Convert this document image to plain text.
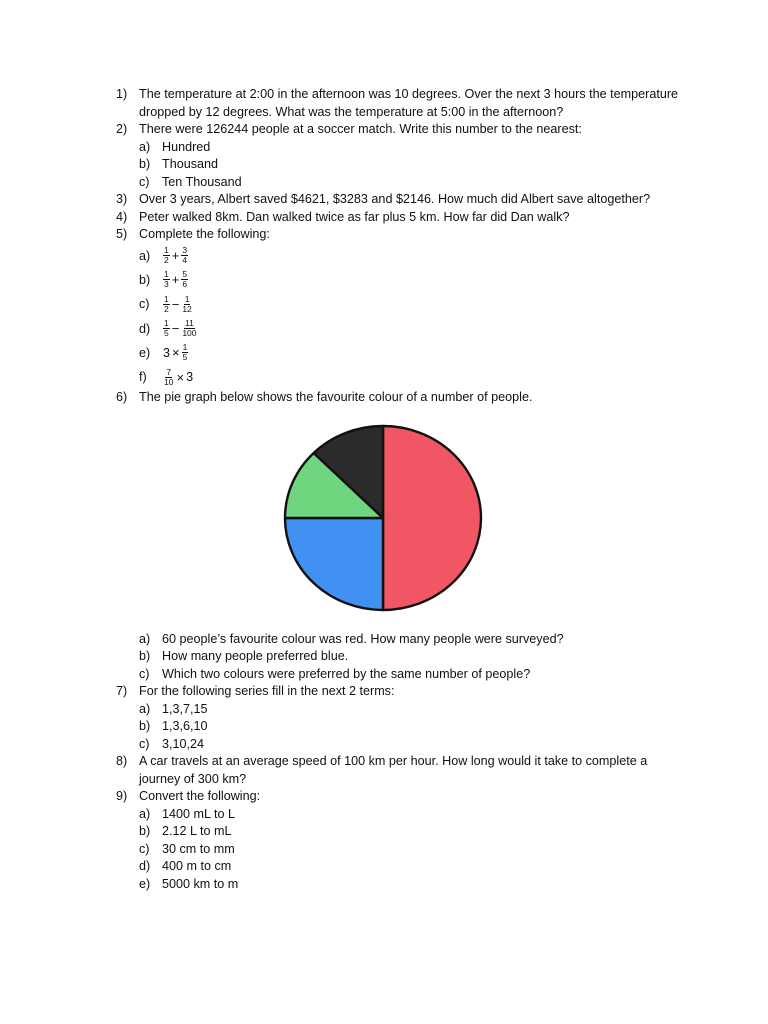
1) The temperature at 2:00 in the afternoon was 10 degrees. Over the next 3 hours the temperature dropped by 12 degrees. What was the temperature at 5:00 in the afternoon?
2) There were 126244 people at a soccer match. Write this number to the nearest:
a) Hundred
b) Thousand
c) Ten Thousand
3) Over 3 years, Albert saved $4621, $3283 and $2146. How much did Albert save altogether?
4) Peter walked 8km. Dan walked twice as far plus 5 km. How far did Dan walk?
5) Complete the following:
$a) \frac{1}{2} + \frac{3}{4}$
$b) \frac{1}{3} + \frac{5}{6}$
$c) \frac{1}{2} - \frac{1}{12}$
$d) \frac{1}{5} - \frac{11}{100}$
e) $3 \times \frac{1}{5}$
$f) \frac{7}{10} \times 3$
6) The pie graph below shows the favourite colour of a number of people.
a) 60 people’s favourite colour was red. How many people were surveyed?
b) How many people preferred blue.
c) Which two colours were preferred by the same number of people?
7) For the following series fill in the next 2 terms:
a) 1,3,7,15
b) 1,3,6,10
c) 3,10,24
8) A car travels at an average speed of 100 km per hour. How long would it take to complete a journey of 300 km?
9) Convert the following:
a) 1400 mL to L
b) 2.12 L to mL
c) 30 cm to mm
d) 400 m to cm
e) 5000 km to m
